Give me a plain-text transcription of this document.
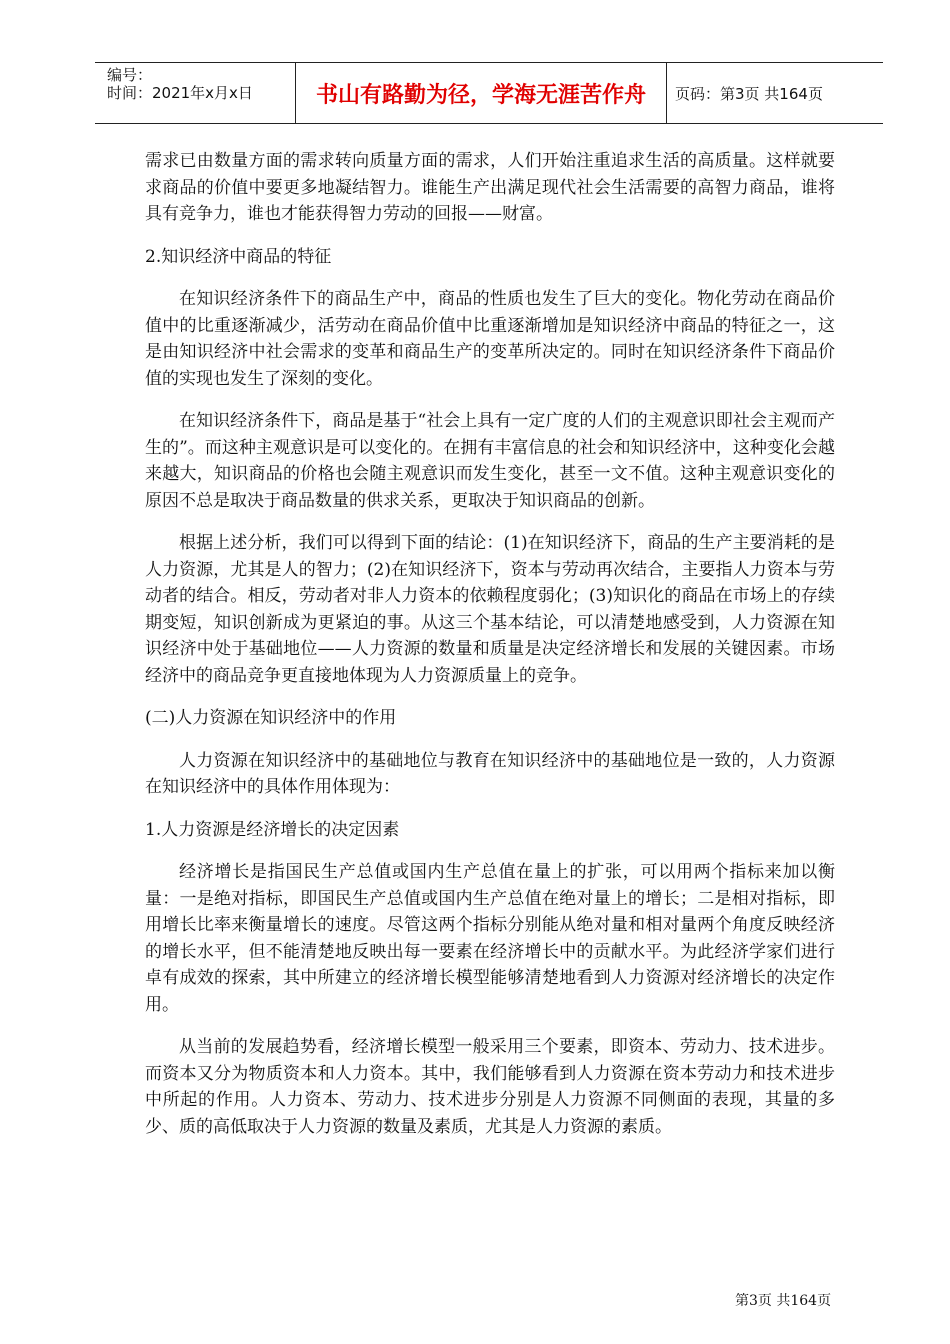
编号：
时间：2021年x月x日	书山有路勤为径，学海无涯苦作舟	页码：第3页 共164页

需求已由数量方面的需求转向质量方面的需求，人们开始注重追求生活的高质量。这样就要求商品的价值中要更多地凝结智力。谁能生产出满足现代社会生活需要的高智力商品，谁将具有竞争力，谁也才能获得智力劳动的回报——财富。

2.知识经济中商品的特征

在知识经济条件下的商品生产中，商品的性质也发生了巨大的变化。物化劳动在商品价值中的比重逐渐减少，活劳动在商品价值中比重逐渐增加是知识经济中商品的特征之一，这是由知识经济中社会需求的变革和商品生产的变革所决定的。同时在知识经济条件下商品价值的实现也发生了深刻的变化。

在知识经济条件下，商品是基于“社会上具有一定广度的人们的主观意识即社会主观而产生的”。而这种主观意识是可以变化的。在拥有丰富信息的社会和知识经济中，这种变化会越来越大，知识商品的价格也会随主观意识而发生变化，甚至一文不值。这种主观意识变化的原因不总是取决于商品数量的供求关系，更取决于知识商品的创新。

根据上述分析，我们可以得到下面的结论：(1)在知识经济下，商品的生产主要消耗的是人力资源，尤其是人的智力；(2)在知识经济下，资本与劳动再次结合，主要指人力资本与劳动者的结合。相反，劳动者对非人力资本的依赖程度弱化；(3)知识化的商品在市场上的存续期变短，知识创新成为更紧迫的事。从这三个基本结论，可以清楚地感受到，人力资源在知识经济中处于基础地位——人力资源的数量和质量是决定经济增长和发展的关键因素。市场经济中的商品竞争更直接地体现为人力资源质量上的竞争。

(二)人力资源在知识经济中的作用

人力资源在知识经济中的基础地位与教育在知识经济中的基础地位是一致的，人力资源在知识经济中的具体作用体现为：

1.人力资源是经济增长的决定因素

经济增长是指国民生产总值或国内生产总值在量上的扩张，可以用两个指标来加以衡量：一是绝对指标，即国民生产总值或国内生产总值在绝对量上的增长；二是相对指标，即用增长比率来衡量增长的速度。尽管这两个指标分别能从绝对量和相对量两个角度反映经济的增长水平，但不能清楚地反映出每一要素在经济增长中的贡献水平。为此经济学家们进行卓有成效的探索，其中所建立的经济增长模型能够清楚地看到人力资源对经济增长的决定作用。

从当前的发展趋势看，经济增长模型一般采用三个要素，即资本、劳动力、技术进步。而资本又分为物质资本和人力资本。其中，我们能够看到人力资源在资本劳动力和技术进步中所起的作用。人力资本、劳动力、技术进步分别是人力资源不同侧面的表现，其量的多少、质的高低取决于人力资源的数量及素质，尤其是人力资源的素质。

第3页 共164页
